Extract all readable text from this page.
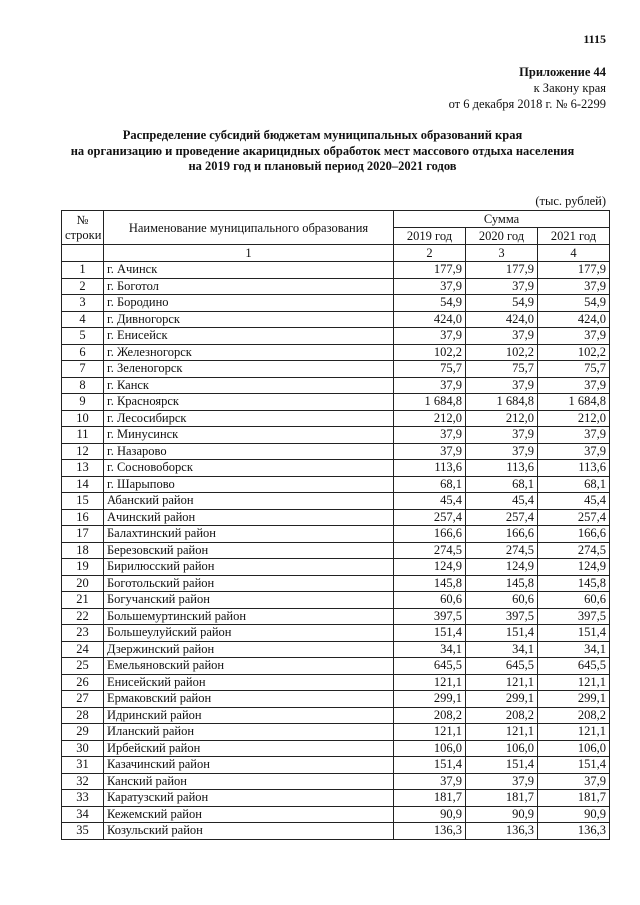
1115
Приложение 44
к Закону края
от 6 декабря 2018 г. № 6-2299
Распределение субсидий бюджетам муниципальных образований края
на организацию и проведение акарицидных обработок мест массового отдыха населения
на 2019 год и плановый период 2020–2021 годов
(тыс. рублей)
№
строки	Наименование муниципального образования	Сумма		
		2019 год	2020 год	2021 год
	1	2	3	4
1	г. Ачинск	177,9	177,9	177,9
2	г. Боготол	37,9	37,9	37,9
3	г. Бородино	54,9	54,9	54,9
4	г. Дивногорск	424,0	424,0	424,0
5	г. Енисейск	37,9	37,9	37,9
6	г. Железногорск	102,2	102,2	102,2
7	г. Зеленогорск	75,7	75,7	75,7
8	г. Канск	37,9	37,9	37,9
9	г. Красноярск	1 684,8	1 684,8	1 684,8
10	г. Лесосибирск	212,0	212,0	212,0
11	г. Минусинск	37,9	37,9	37,9
12	г. Назарово	37,9	37,9	37,9
13	г. Сосновоборск	113,6	113,6	113,6
14	г. Шарыпово	68,1	68,1	68,1
15	Абанский район	45,4	45,4	45,4
16	Ачинский район	257,4	257,4	257,4
17	Балахтинский район	166,6	166,6	166,6
18	Березовский район	274,5	274,5	274,5
19	Бирилюсский район	124,9	124,9	124,9
20	Боготольский район	145,8	145,8	145,8
21	Богучанский район	60,6	60,6	60,6
22	Большемуртинский район	397,5	397,5	397,5
23	Большеулуйский район	151,4	151,4	151,4
24	Дзержинский район	34,1	34,1	34,1
25	Емельяновский район	645,5	645,5	645,5
26	Енисейский район	121,1	121,1	121,1
27	Ермаковский район	299,1	299,1	299,1
28	Идринский район	208,2	208,2	208,2
29	Иланский район	121,1	121,1	121,1
30	Ирбейский район	106,0	106,0	106,0
31	Казачинский район	151,4	151,4	151,4
32	Канский район	37,9	37,9	37,9
33	Каратузский район	181,7	181,7	181,7
34	Кежемский район	90,9	90,9	90,9
35	Козульский район	136,3	136,3	136,3
